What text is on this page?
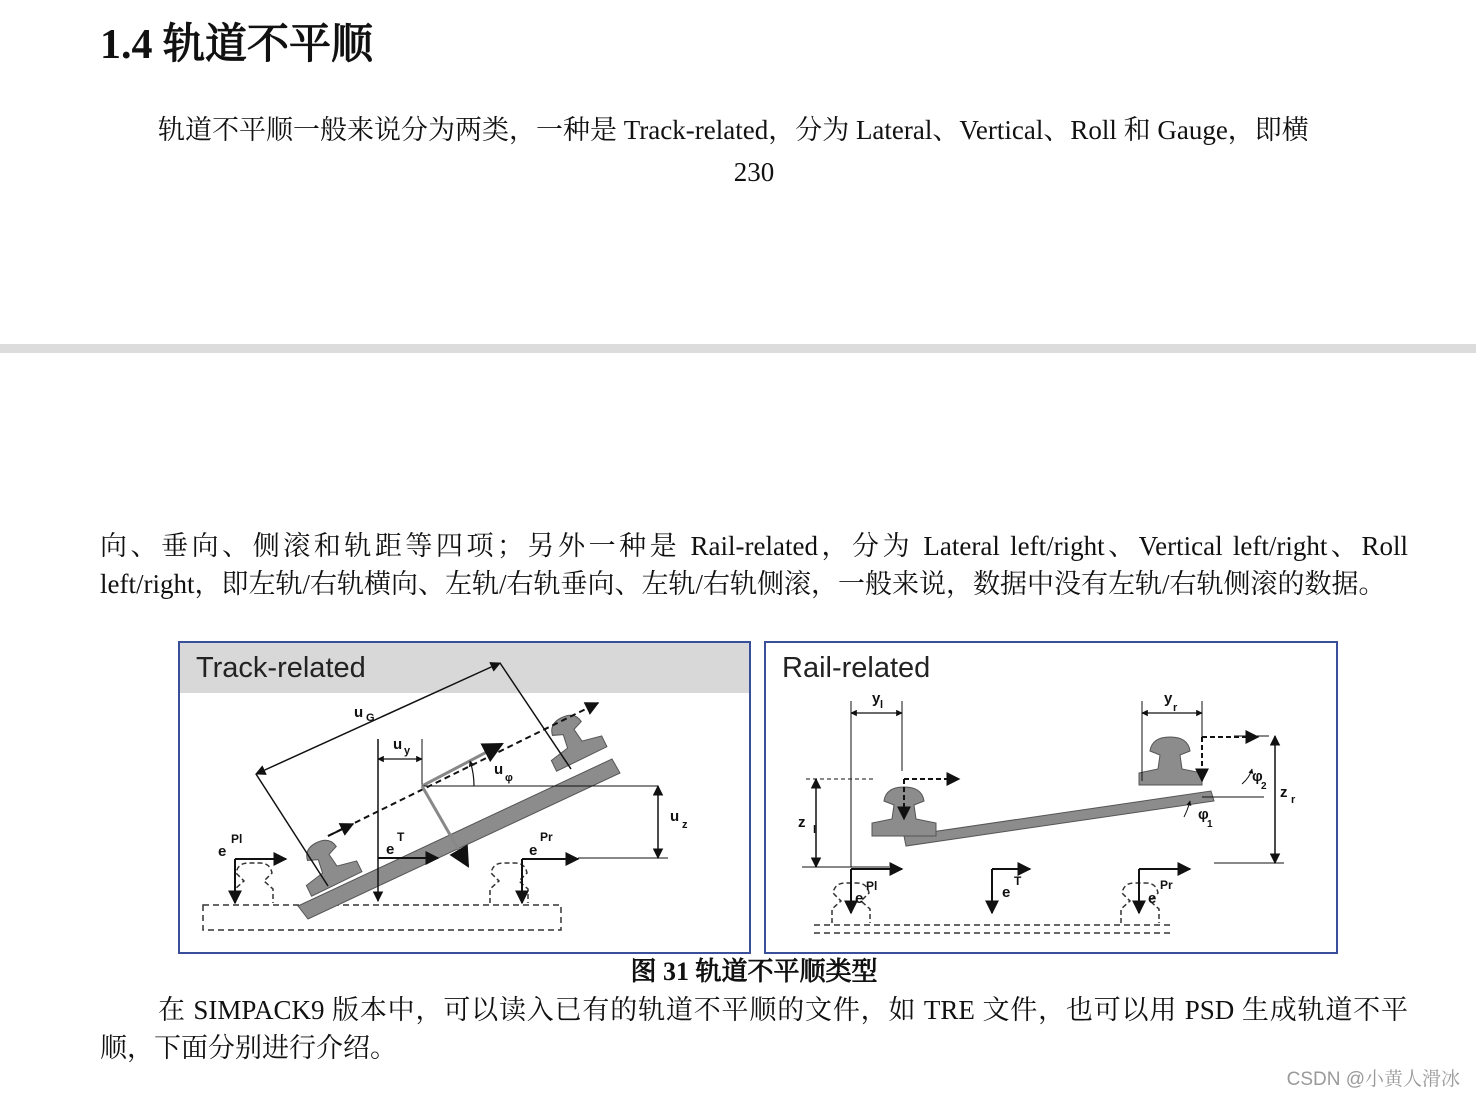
1.4 轨道不平顺
轨道不平顺一般来说分为两类，一种是 Track-related，分为 Lateral、Vertical、Roll 和 Gauge，即横
230
向、垂向、侧滚和轨距等四项；另外一种是 Rail-related，分为 Lateral left/right、Vertical left/right、Roll left/right，即左轨/右轨横向、左轨/右轨垂向、左轨/右轨侧滚，一般来说，数据中没有左轨/右轨侧滚的数据。
Track-related
u G
u y
u φ
u z
e
Pl
e
T
e
Pr
Rail-related
y l	y
r
z l
z r
φ
2
φ
1
e
Pl	e
T
e
Pr
图 31 轨道不平顺类型
在 SIMPACK9 版本中，可以读入已有的轨道不平顺的文件，如 TRE 文件，也可以用 PSD 生成轨道不平顺，下面分别进行介绍。
CSDN @小黄人滑冰
